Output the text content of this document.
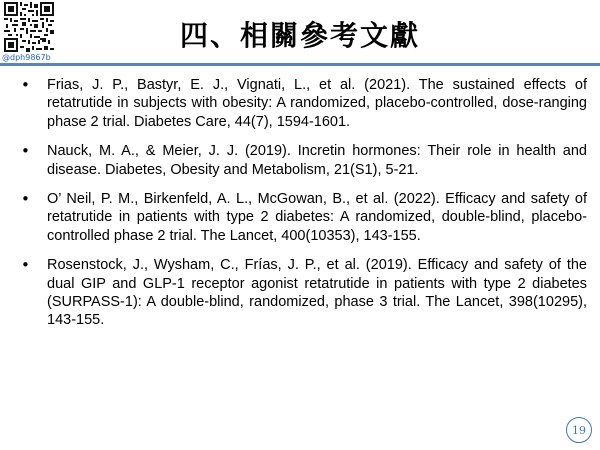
@dph9867b
四、相關參考文獻
• Frias, J. P., Bastyr, E. J., Vignati, L., et al. (2021). The sustained effects of retatrutide in subjects with obesity: A randomized, placebo-controlled, dose-ranging phase 2 trial. Diabetes Care, 44(7), 1594-1601.
• Nauck, M. A., & Meier, J. J. (2019). Incretin hormones: Their role in health and disease. Diabetes, Obesity and Metabolism, 21(S1), 5-21.
• O’ Neil, P. M., Birkenfeld, A. L., McGowan, B., et al. (2022). Efficacy and safety of retatrutide in patients with type 2 diabetes: A randomized, double-blind, placebo-controlled phase 2 trial. The Lancet, 400(10353), 143-155.
• Rosenstock, J., Wysham, C., Frías, J. P., et al. (2019). Efficacy and safety of the dual GIP and GLP-1 receptor agonist retatrutide in patients with type 2 diabetes (SURPASS-1): A double-blind, randomized, phase 3 trial. The Lancet, 398(10295), 143-155.
19
